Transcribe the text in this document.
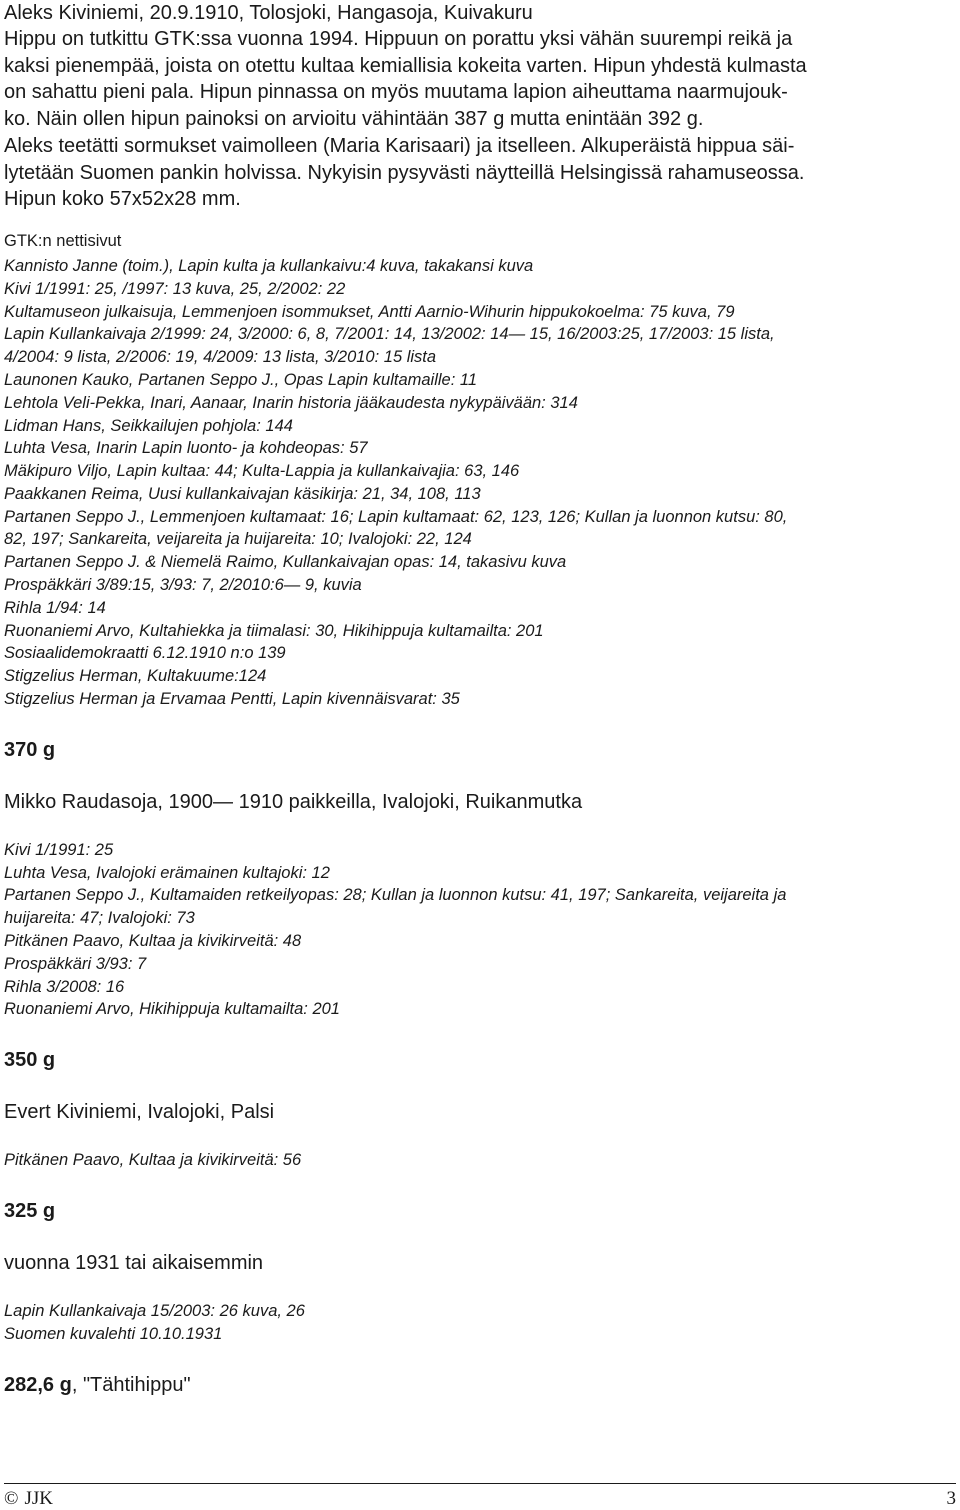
Aleks Kiviniemi, 20.9.1910, Tolosjoki, Hangasoja, Kuivakuru

Hippu on tutkittu GTK:ssa vuonna 1994. Hippuun on porattu yksi vähän suurempi reikä ja

kaksi pienempää, joista on otettu kultaa kemiallisia kokeita varten. Hipun yhdestä kulmasta

on sahattu pieni pala. Hipun pinnassa on myös muutama lapion aiheuttama naarmujouk-

ko. Näin ollen hipun painoksi on arvioitu vähintään 387 g mutta enintään 392 g.

Aleks teetätti sormukset vaimolleen (Maria Karisaari) ja itselleen. Alkuperäistä hippua säi-

lytetään Suomen pankin holvissa. Nykyisin pysyvästi näytteillä Helsingissä rahamuseossa.

Hipun koko 57x52x28 mm.

GTK:n nettisivut

Kannisto Janne (toim.), Lapin kulta ja kullankaivu:4 kuva, takakansi kuva

Kivi 1/1991: 25, /1997: 13 kuva, 25, 2/2002: 22

Kultamuseon julkaisuja, Lemmenjoen isommukset, Antti Aarnio-Wihurin hippukokoelma: 75 kuva, 79

Lapin Kullankaivaja 2/1999: 24, 3/2000: 6, 8, 7/2001: 14, 13/2002: 14— 15, 16/2003:25, 17/2003: 15 lista,

4/2004: 9 lista, 2/2006: 19, 4/2009: 13 lista, 3/2010: 15 lista

Launonen Kauko, Partanen Seppo J., Opas Lapin kultamaille: 11

Lehtola Veli-Pekka, Inari, Aanaar, Inarin historia jääkaudesta nykypäivään: 314

Lidman Hans, Seikkailujen pohjola: 144

Luhta Vesa, Inarin Lapin luonto- ja kohdeopas: 57

Mäkipuro Viljo, Lapin kultaa: 44; Kulta-Lappia ja kullankaivajia: 63, 146

Paakkanen Reima, Uusi kullankaivajan käsikirja: 21, 34, 108, 113

Partanen Seppo J., Lemmenjoen kultamaat: 16; Lapin kultamaat: 62, 123, 126; Kullan ja luonnon kutsu: 80,

82, 197; Sankareita, veijareita ja huijareita: 10; Ivalojoki: 22, 124

Partanen Seppo J. & Niemelä Raimo, Kullankaivajan opas: 14, takasivu kuva

Prospäkkäri 3/89:15, 3/93: 7, 2/2010:6— 9, kuvia

Rihla 1/94: 14

Ruonaniemi Arvo, Kultahiekka ja tiimalasi: 30, Hikihippuja kultamailta: 201

Sosiaalidemokraatti 6.12.1910 n:o 139

Stigzelius Herman, Kultakuume:124

Stigzelius Herman ja Ervamaa Pentti, Lapin kivennäisvarat: 35

370 g

Mikko Raudasoja, 1900— 1910 paikkeilla, Ivalojoki, Ruikanmutka

Kivi 1/1991: 25

Luhta Vesa, Ivalojoki erämainen kultajoki: 12

Partanen Seppo J., Kultamaiden retkeilyopas: 28; Kullan ja luonnon kutsu: 41, 197; Sankareita, veijareita ja

huijareita: 47; Ivalojoki: 73

Pitkänen Paavo, Kultaa ja kivikirveitä: 48

Prospäkkäri 3/93: 7

Rihla 3/2008: 16

Ruonaniemi Arvo, Hikihippuja kultamailta: 201

350 g

Evert Kiviniemi, Ivalojoki, Palsi

Pitkänen Paavo, Kultaa ja kivikirveitä: 56

325 g

vuonna 1931 tai aikaisemmin

Lapin Kullankaivaja 15/2003: 26 kuva, 26

Suomen kuvalehti 10.10.1931

282,6 g, "Tähtihippu"

© JJK	3
